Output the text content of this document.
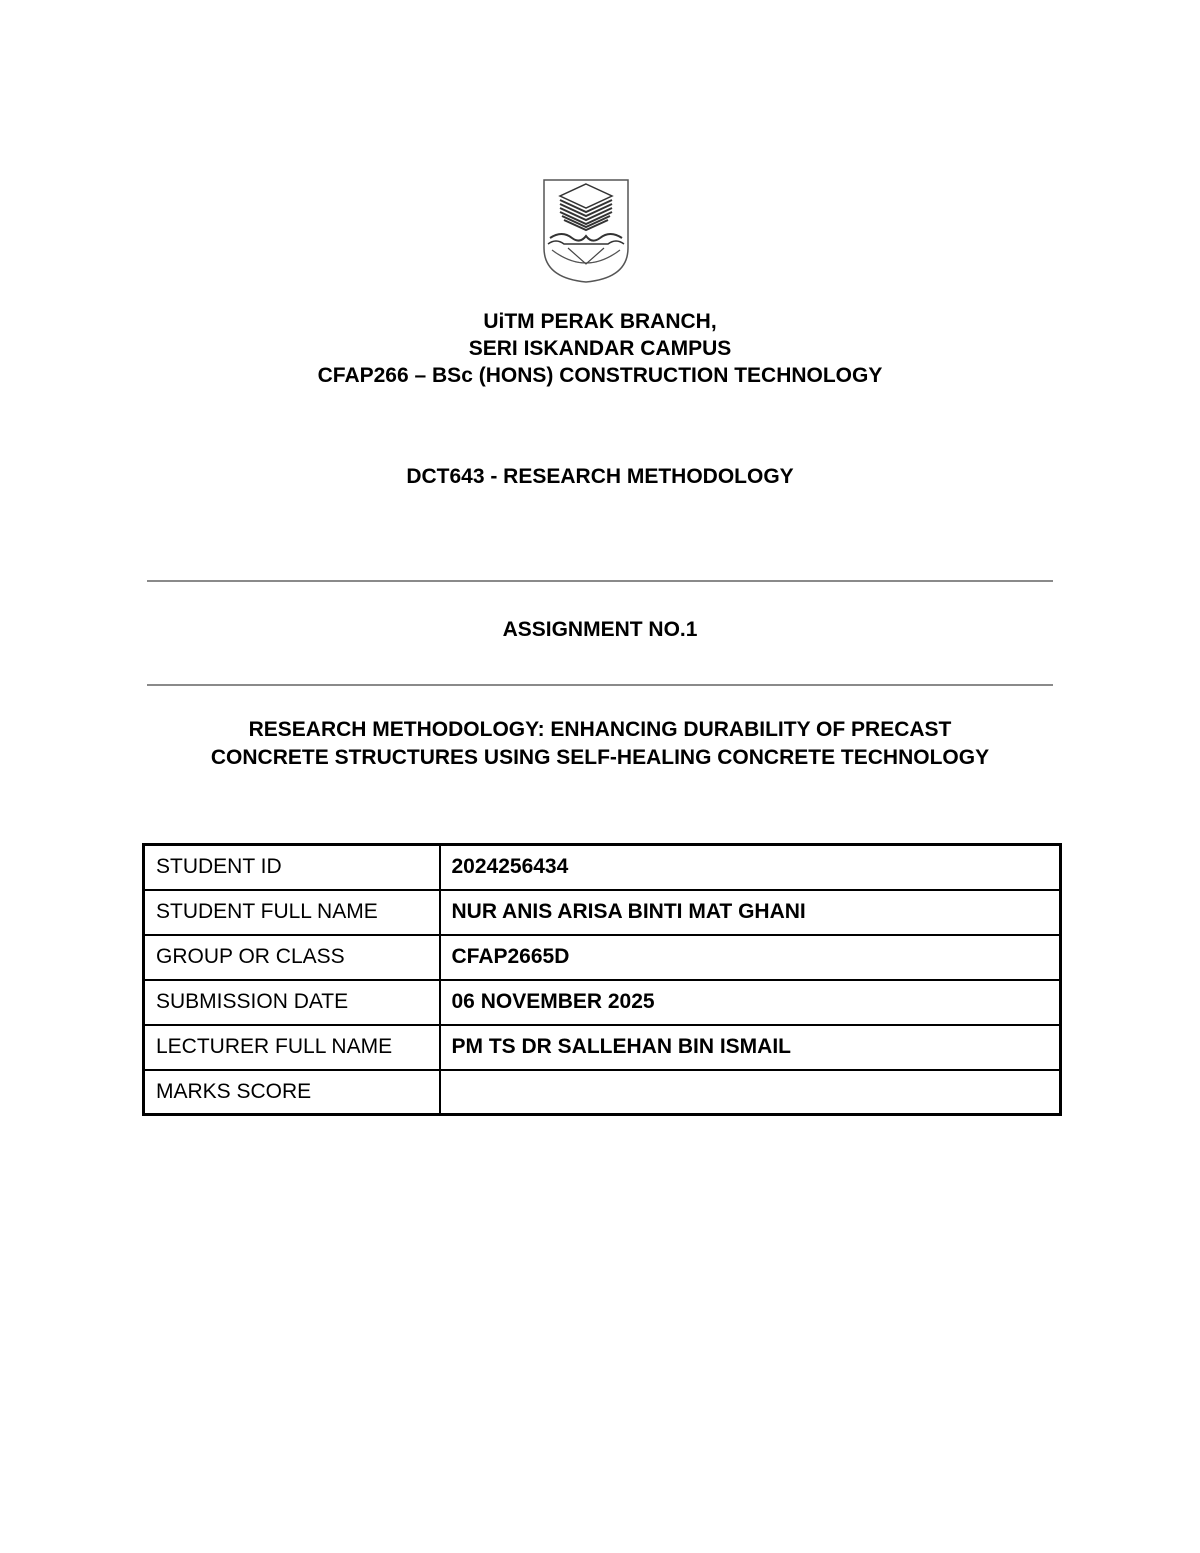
UiTM PERAK BRANCH,
SERI ISKANDAR CAMPUS
CFAP266 – BSc (HONS) CONSTRUCTION TECHNOLOGY
DCT643 - RESEARCH METHODOLOGY
ASSIGNMENT NO.1
RESEARCH METHODOLOGY: ENHANCING DURABILITY OF PRECAST
CONCRETE STRUCTURES USING SELF-HEALING CONCRETE TECHNOLOGY
STUDENT ID	2024256434
STUDENT FULL NAME	NUR ANIS ARISA BINTI MAT GHANI
GROUP OR CLASS	CFAP2665D
SUBMISSION DATE	06 NOVEMBER 2025
LECTURER FULL NAME	PM TS DR SALLEHAN BIN ISMAIL
MARKS SCORE	
